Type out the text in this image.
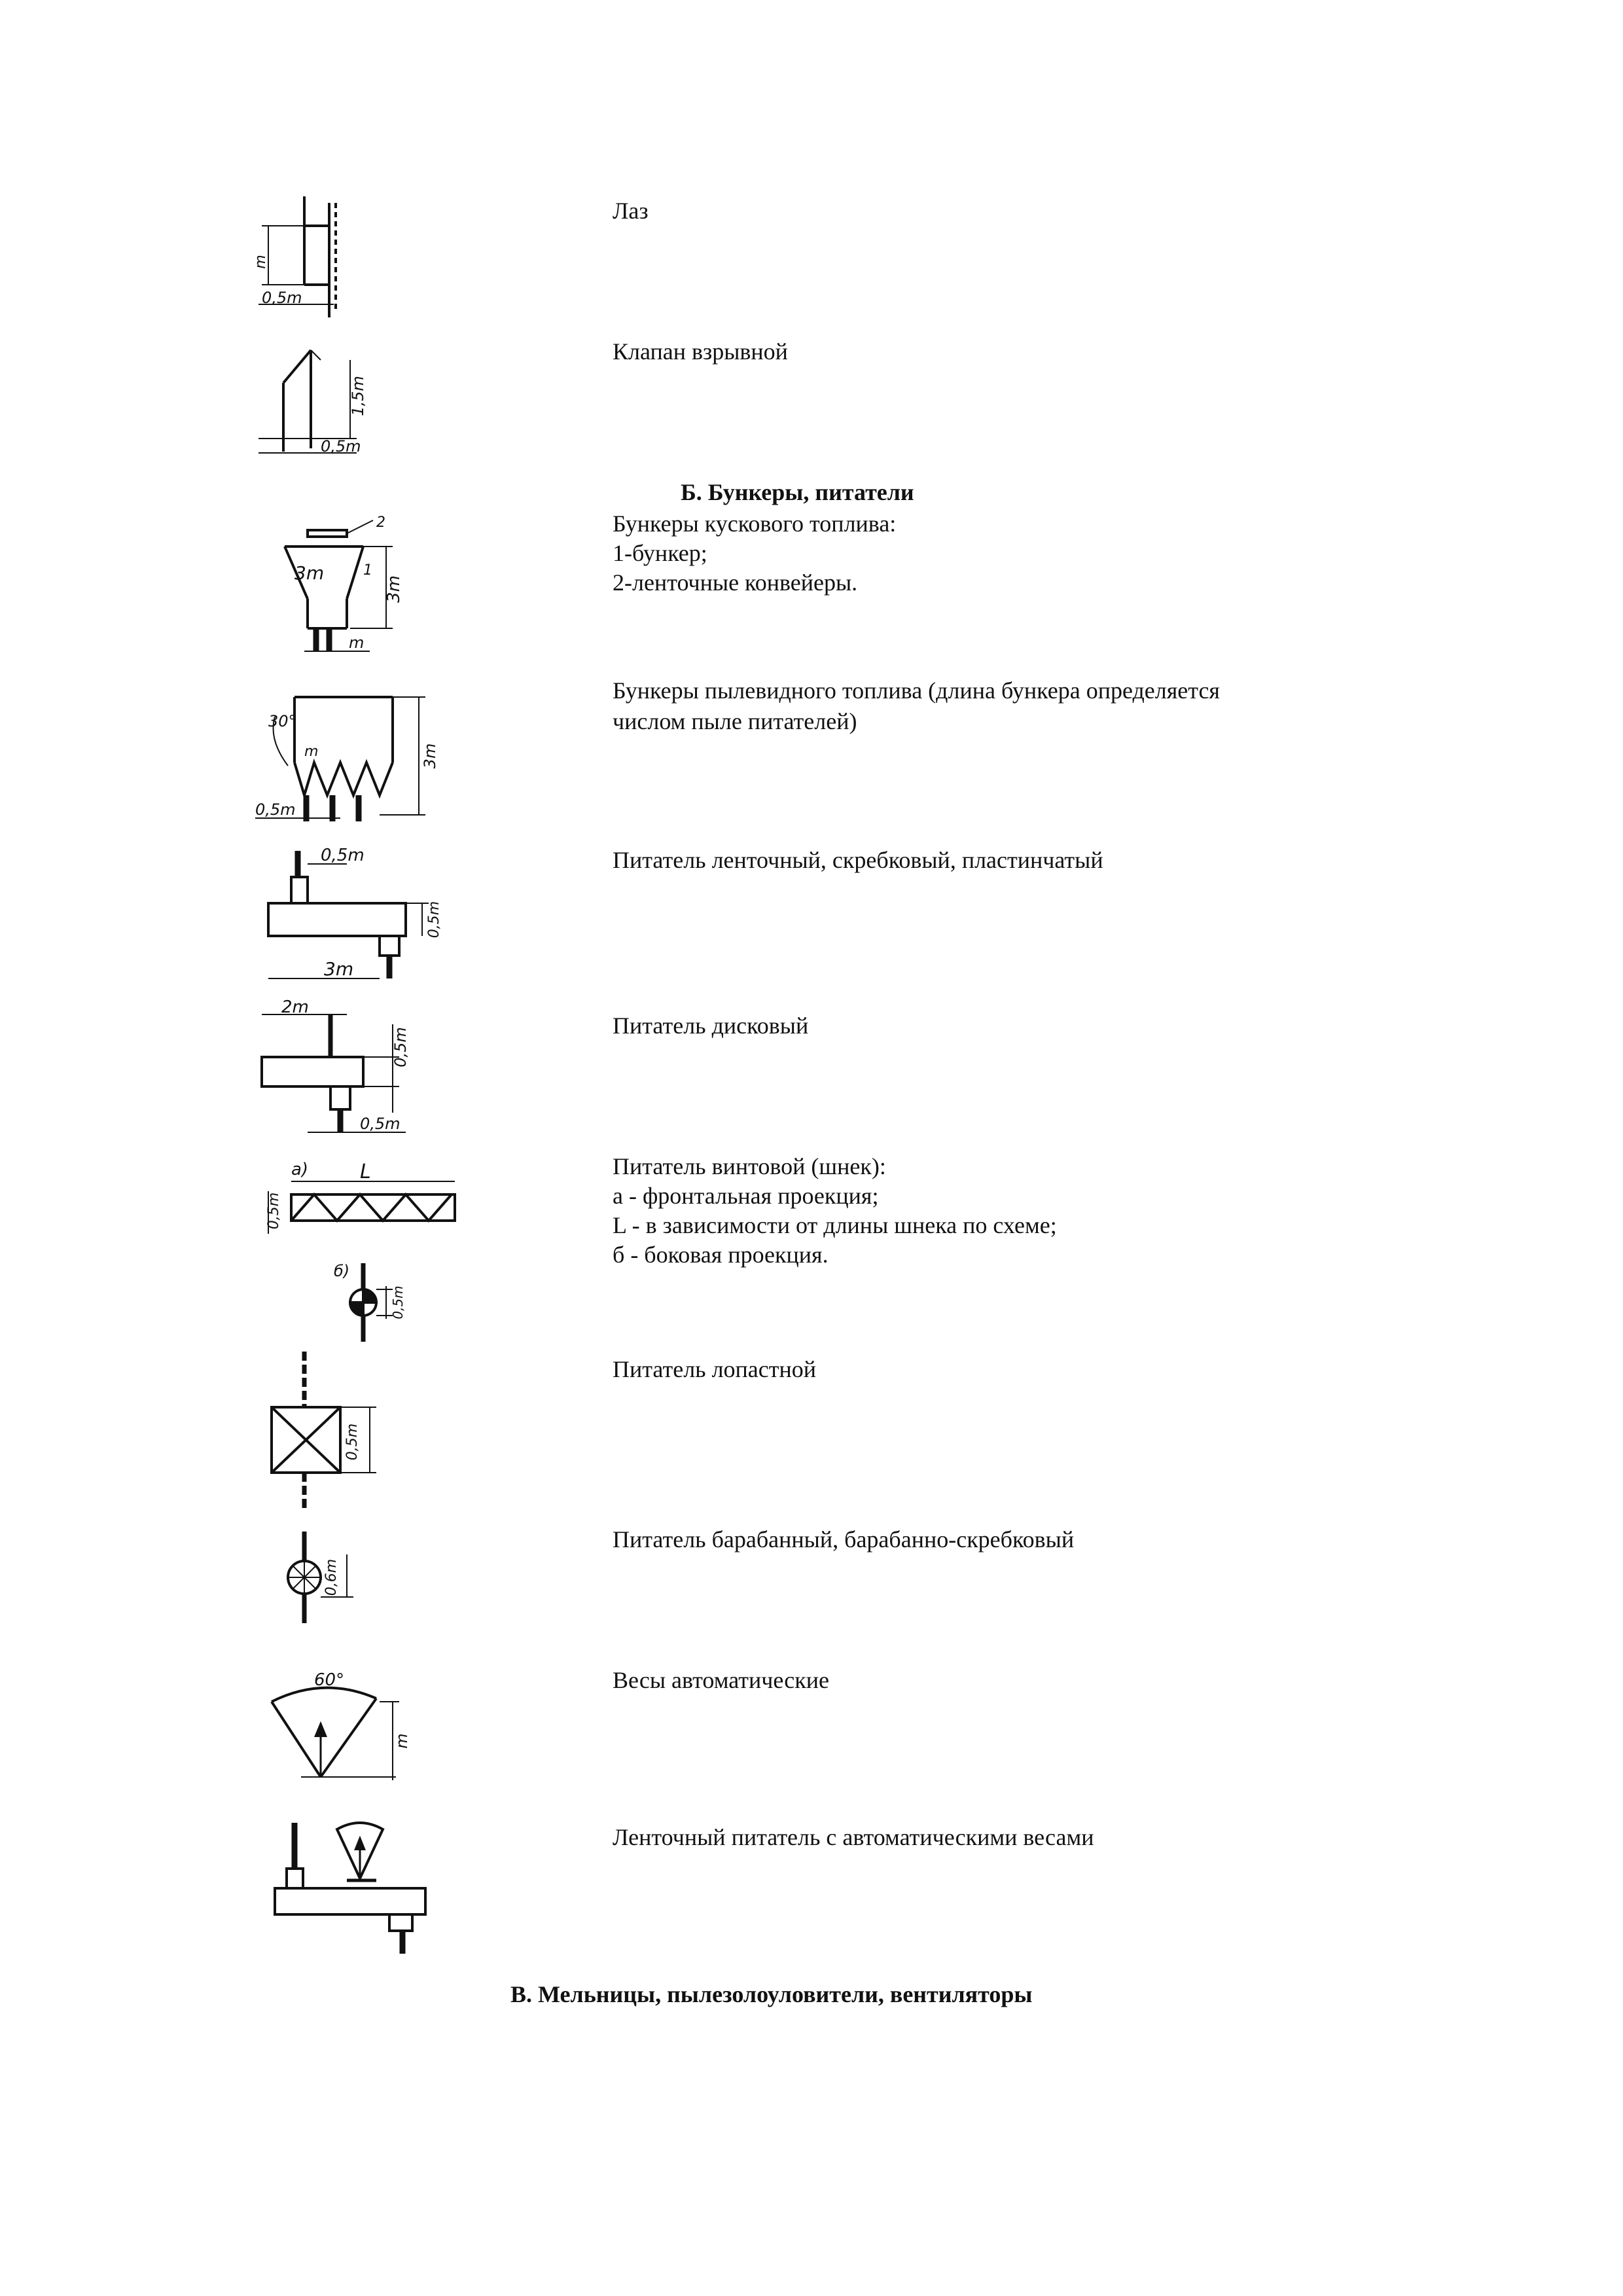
Лаз
Клапан взрывной
Б. Бункеры, питатели
Бункеры кускового топлива:
1-бункер;
2-ленточные конвейеры.
Бункеры пылевидного топлива (длина бункера определяется
числом пыле питателей)
Питатель ленточный, скребковый, пластинчатый
Питатель дисковый
Питатель винтовой (шнек):
а - фронтальная проекция;
L - в зависимости от длины шнека по схеме;
б - боковая проекция.
Питатель лопастной
Питатель барабанный, барабанно-скребковый
Весы автоматические
Ленточный питатель с автоматическими весами
В. Мельницы, пылезолоуловители, вентиляторы
m
0,5m
1,5m
0,5m
3m
3m
m
1
2
30°
m	3m
0,5m
0,5m
0,5m
3m
2m
0,5m
0,5m
а)	L
0,5m
б)
0,5m
0,5m
0,6m
60°
m
